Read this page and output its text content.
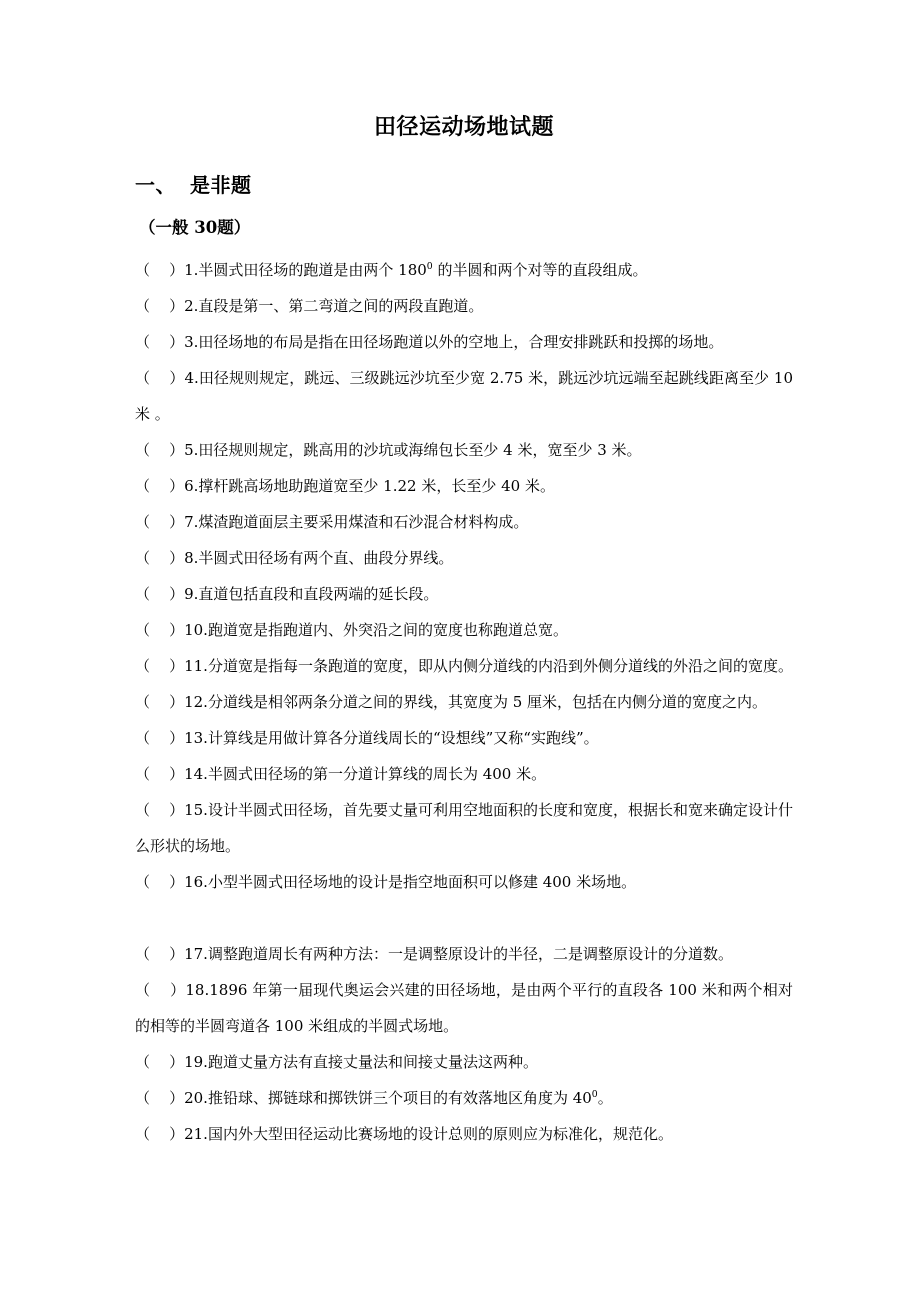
田径运动场地试题
一、 是非题

（一般 30题）

（    ）1.半圆式田径场的跑道是由两个 $180^0$ 的半圆和两个对等的直段组成。
（    ）2.直段是第一、第二弯道之间的两段直跑道。
（    ）3.田径场地的布局是指在田径场跑道以外的空地上，合理安排跳跃和投掷的场地。
（    ）4.田径规则规定，跳远、三级跳远沙坑至少宽 2.75 米，跳远沙坑远端至起跳线距离至少 10 米 。
（    ）5.田径规则规定，跳高用的沙坑或海绵包长至少 4 米，宽至少 3 米。
（    ）6.撑杆跳高场地助跑道宽至少 1.22 米，长至少 40 米。
（    ）7.煤渣跑道面层主要采用煤渣和石沙混合材料构成。
（    ）8.半圆式田径场有两个直、曲段分界线。
（    ）9.直道包括直段和直段两端的延长段。
（    ）10.跑道宽是指跑道内、外突沿之间的宽度也称跑道总宽。
（    ）11.分道宽是指每一条跑道的宽度，即从内侧分道线的内沿到外侧分道线的外沿之间的宽度。
（    ）12.分道线是相邻两条分道之间的界线，其宽度为 5 厘米，包括在内侧分道的宽度之内。
（    ）13.计算线是用做计算各分道线周长的“设想线”又称“实跑线”。
（    ）14.半圆式田径场的第一分道计算线的周长为 400 米。
（    ）15.设计半圆式田径场，首先要丈量可利用空地面积的长度和宽度，根据长和宽来确定设计什么形状的场地。
（    ）16.小型半圆式田径场地的设计是指空地面积可以修建 400 米场地。
（    ）17.调整跑道周长有两种方法：一是调整原设计的半径，二是调整原设计的分道数。
（    ）18.1896 年第一届现代奥运会兴建的田径场地，是由两个平行的直段各 100 米和两个相对的相等的半圆弯道各 100 米组成的半圆式场地。
（    ）19.跑道丈量方法有直接丈量法和间接丈量法这两种。
（    ）20.推铅球、掷链球和掷铁饼三个项目的有效落地区角度为 $40^0$。
（    ）21.国内外大型田径运动比赛场地的设计总则的原则应为标准化，规范化。
